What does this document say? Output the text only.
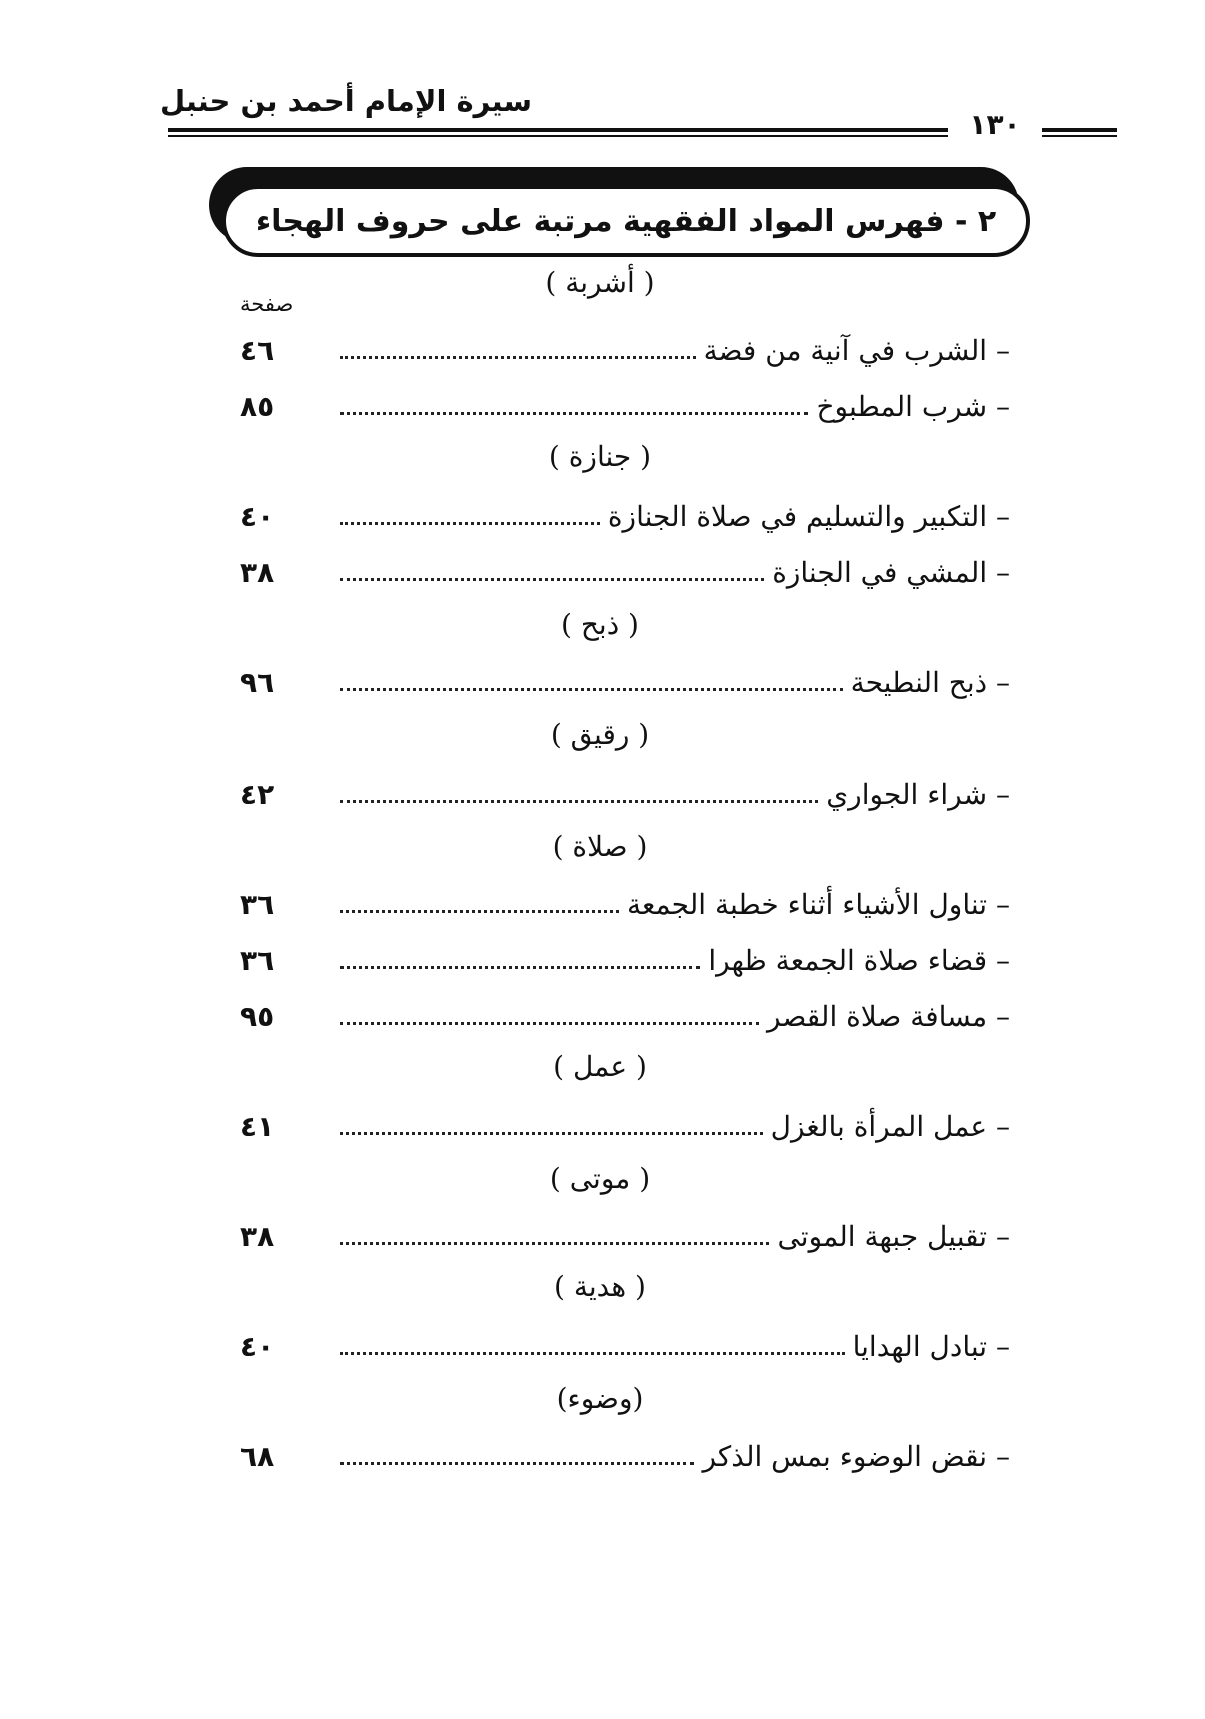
سيرة الإمام أحمد بن حنبل
١٣٠
٢ - فهرس المواد الفقهية مرتبة على حروف الهجاء
صفحة
( أشربة )
– الشرب في آنية من فضة
٤٦
– شرب المطبوخ
٨٥
( جنازة )
– التكبير والتسليم في صلاة الجنازة
٤٠
– المشي في الجنازة
٣٨
( ذبح )
– ذبح النطيحة
٩٦
( رقيق )
– شراء الجواري
٤٢
( صلاة )
– تناول الأشياء أثناء خطبة الجمعة
٣٦
– قضاء صلاة الجمعة ظهرا
٣٦
– مسافة صلاة القصر
٩٥
( عمل )
– عمل المرأة بالغزل
٤١
( موتى )
– تقبيل جبهة الموتى
٣٨
( هدية )
– تبادل الهدايا
٤٠
(وضوء)
– نقض الوضوء بمس الذكر
٦٨
